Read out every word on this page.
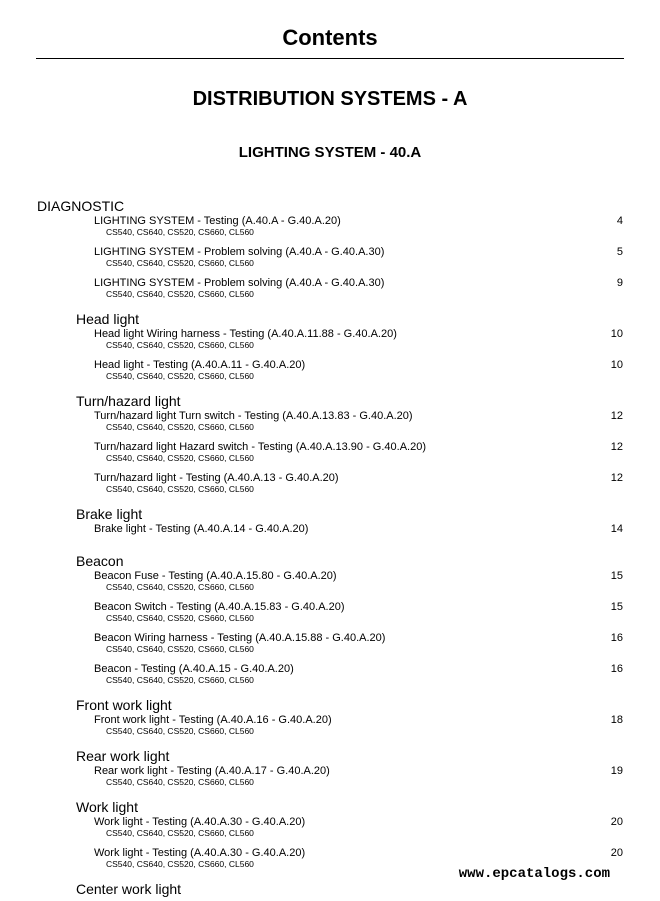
Contents
DISTRIBUTION SYSTEMS - A
LIGHTING SYSTEM - 40.A
DIAGNOSTIC
LIGHTING SYSTEM - Testing (A.40.A - G.40.A.20)
CS540, CS640, CS520, CS660, CL560
4
LIGHTING SYSTEM - Problem solving (A.40.A - G.40.A.30)
CS540, CS640, CS520, CS660, CL560
5
LIGHTING SYSTEM - Problem solving (A.40.A - G.40.A.30)
CS540, CS640, CS520, CS660, CL560
9
Head light
Head light Wiring harness - Testing (A.40.A.11.88 - G.40.A.20)
CS540, CS640, CS520, CS660, CL560
10
Head light - Testing (A.40.A.11 - G.40.A.20)
CS540, CS640, CS520, CS660, CL560
10
Turn/hazard light
Turn/hazard light Turn switch - Testing (A.40.A.13.83 - G.40.A.20)
CS540, CS640, CS520, CS660, CL560
12
Turn/hazard light Hazard switch - Testing (A.40.A.13.90 - G.40.A.20)
CS540, CS640, CS520, CS660, CL560
12
Turn/hazard light - Testing (A.40.A.13 - G.40.A.20)
CS540, CS640, CS520, CS660, CL560
12
Brake light
Brake light - Testing (A.40.A.14 - G.40.A.20)	14
Beacon
Beacon Fuse - Testing (A.40.A.15.80 - G.40.A.20)
CS540, CS640, CS520, CS660, CL560
15
Beacon Switch - Testing (A.40.A.15.83 - G.40.A.20)
CS540, CS640, CS520, CS660, CL560
15
Beacon Wiring harness - Testing (A.40.A.15.88 - G.40.A.20)
CS540, CS640, CS520, CS660, CL560
16
Beacon - Testing (A.40.A.15 - G.40.A.20)
CS540, CS640, CS520, CS660, CL560
16
Front work light
Front work light - Testing (A.40.A.16 - G.40.A.20)
CS540, CS640, CS520, CS660, CL560
18
Rear work light
Rear work light - Testing (A.40.A.17 - G.40.A.20)
CS540, CS640, CS520, CS660, CL560
19
Work light
Work light - Testing (A.40.A.30 - G.40.A.20)
CS540, CS640, CS520, CS660, CL560
20
Work light - Testing (A.40.A.30 - G.40.A.20)
CS540, CS640, CS520, CS660, CL560
20
Center work light
www.epcatalogs.com
